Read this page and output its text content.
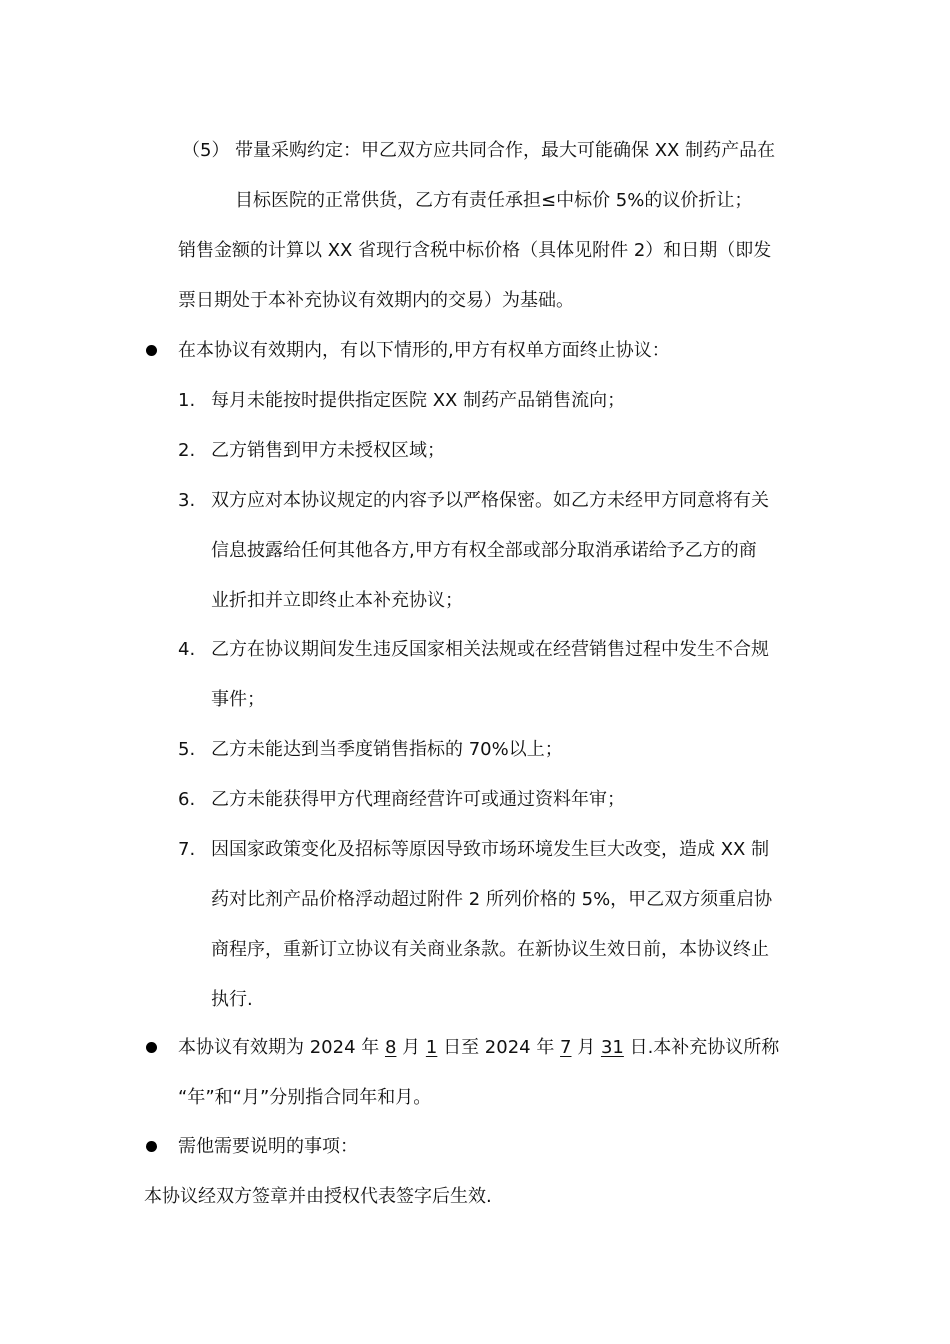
（5） 带量采购约定：甲乙双方应共同合作，最大可能确保 XX 制药产品在
目标医院的正常供货，乙方有责任承担≤中标价 5%的议价折让；
销售金额的计算以 XX 省现行含税中标价格（具体见附件 2）和日期（即发
票日期处于本补充协议有效期内的交易）为基础。
在本协议有效期内，有以下情形的,甲方有权单方面终止协议：
1. 每月未能按时提供指定医院 XX 制药产品销售流向；
2. 乙方销售到甲方未授权区域；
3. 双方应对本协议规定的内容予以严格保密。如乙方未经甲方同意将有关
信息披露给任何其他各方,甲方有权全部或部分取消承诺给予乙方的商
业折扣并立即终止本补充协议；
4. 乙方在协议期间发生违反国家相关法规或在经营销售过程中发生不合规
事件；
5. 乙方未能达到当季度销售指标的 70%以上；
6. 乙方未能获得甲方代理商经营许可或通过资料年审；
7. 因国家政策变化及招标等原因导致市场环境发生巨大改变，造成 XX 制
药对比剂产品价格浮动超过附件 2 所列价格的 5%，甲乙双方须重启协
商程序，重新订立协议有关商业条款。在新协议生效日前，本协议终止
执行.
本协议有效期为 2024 年 8 月 1 日至 2024 年 7 月 31 日.本补充协议所称
“年”和“月”分别指合同年和月。
需他需要说明的事项：
本协议经双方签章并由授权代表签字后生效.
